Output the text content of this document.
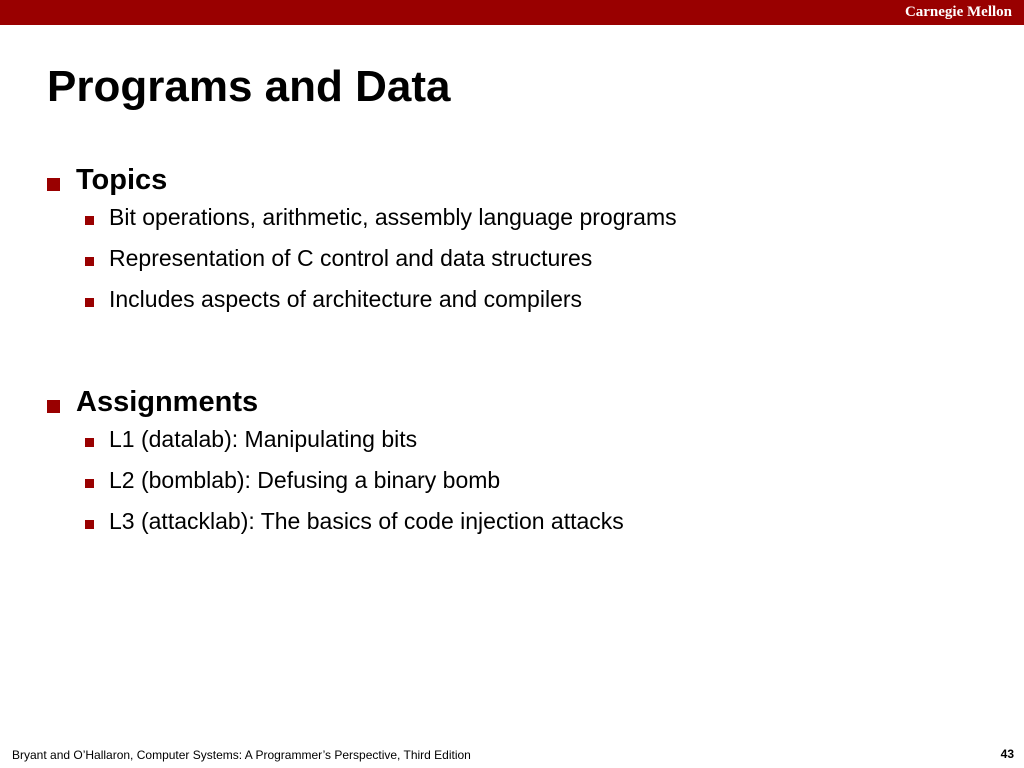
Carnegie Mellon
Programs and Data
Topics
Bit operations, arithmetic, assembly language programs
Representation of C control and data structures
Includes aspects of architecture and compilers
Assignments
L1 (datalab): Manipulating bits
L2 (bomblab): Defusing a binary bomb
L3 (attacklab): The basics of code injection attacks
Bryant and O’Hallaron, Computer Systems: A Programmer’s Perspective, Third Edition	43
